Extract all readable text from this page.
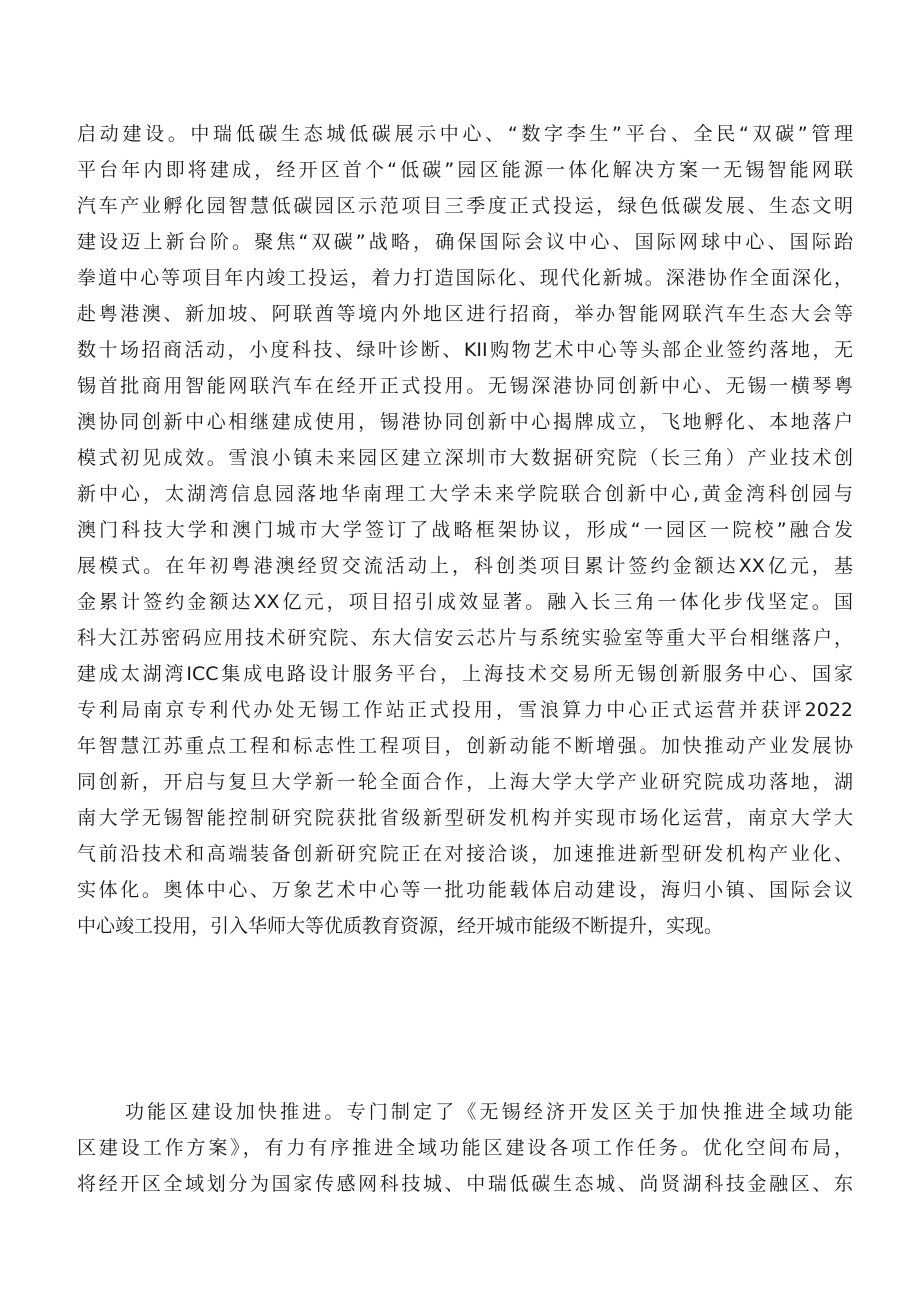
启动建设。中瑞低碳生态城低碳展示中心、“数字李生”平台、全民“双碳”管理
平台年内即将建成，经开区首个“低碳”园区能源一体化解决方案一无锡智能网联
汽车产业孵化园智慧低碳园区示范项目三季度正式投运，绿色低碳发展、生态文明
建设迈上新台阶。聚焦“双碳”战略，确保国际会议中心、国际网球中心、国际跆
拳道中心等项目年内竣工投运，着力打造国际化、现代化新城。深港协作全面深化，
赴粤港澳、新加坡、阿联酋等境内外地区进行招商，举办智能网联汽车生态大会等
数十场招商活动，小度科技、绿叶诊断、KII购物艺术中心等头部企业签约落地，无
锡首批商用智能网联汽车在经开正式投用。无锡深港协同创新中心、无锡一横琴粤
澳协同创新中心相继建成使用，锡港协同创新中心揭牌成立，飞地孵化、本地落户
模式初见成效。雪浪小镇未来园区建立深圳市大数据研究院（长三角）产业技术创
新中心，太湖湾信息园落地华南理工大学未来学院联合创新中心,黄金湾科创园与
澳门科技大学和澳门城市大学签订了战略框架协议，形成“一园区一院校”融合发
展模式。在年初粤港澳经贸交流活动上，科创类项目累计签约金额达XX亿元，基
金累计签约金额达XX亿元，项目招引成效显著。融入长三角一体化步伐坚定。国
科大江苏密码应用技术研究院、东大信安云芯片与系统实验室等重大平台相继落户，
建成太湖湾ICC集成电路设计服务平台，上海技术交易所无锡创新服务中心、国家
专利局南京专利代办处无锡工作站正式投用，雪浪算力中心正式运营并获评2022
年智慧江苏重点工程和标志性工程项目，创新动能不断增强。加快推动产业发展协
同创新，开启与复旦大学新一轮全面合作，上海大学大学产业研究院成功落地，湖
南大学无锡智能控制研究院获批省级新型研发机构并实现市场化运营，南京大学大
气前沿技术和高端装备创新研究院正在对接洽谈，加速推进新型研发机构产业化、
实体化。奥体中心、万象艺术中心等一批功能载体启动建设，海归小镇、国际会议
中心竣工投用，引入华师大等优质教育资源，经开城市能级不断提升，实现。
功能区建设加快推进。专门制定了《无锡经济开发区关于加快推进全域功能
区建设工作方案》，有力有序推进全域功能区建设各项工作任务。优化空间布局，
将经开区全域划分为国家传感网科技城、中瑞低碳生态城、尚贤湖科技金融区、东
